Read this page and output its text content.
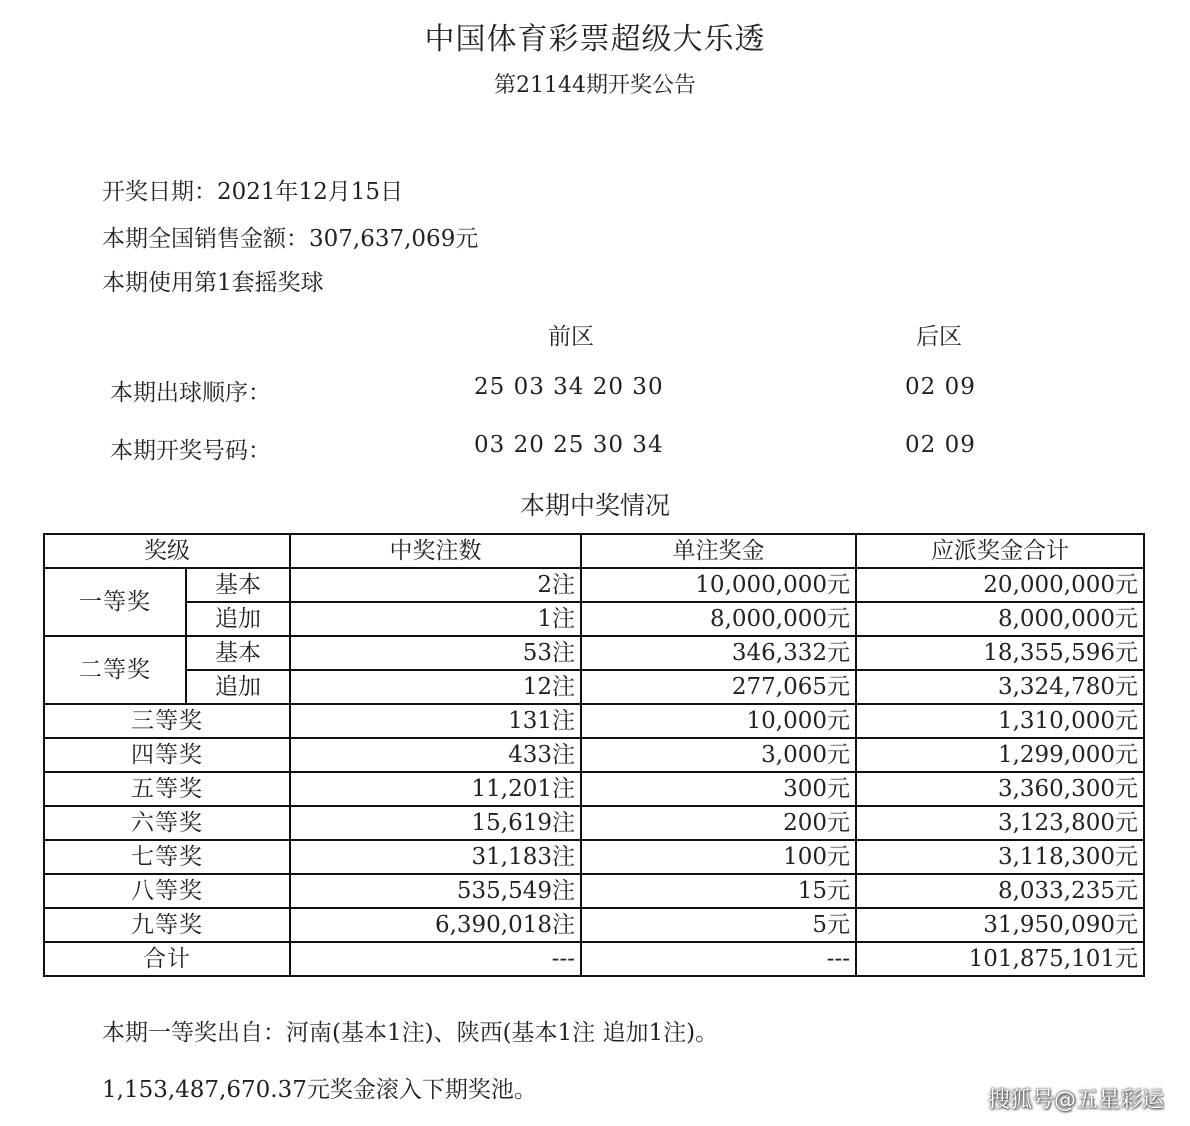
中国体育彩票超级大乐透
第21144期开奖公告
开奖日期：2021年12月15日
本期全国销售金额：307,637,069元
本期使用第1套摇奖球
前区	后区
本期出球顺序：	25 03 34 20 30	02 09
本期开奖号码：	03 20 25 30 34	02 09
本期中奖情况
奖级		中奖注数	单注奖金	应派奖金合计
一等奖	基本	2注	10,000,000元	20,000,000元
	追加	1注	8,000,000元	8,000,000元
二等奖	基本	53注	346,332元	18,355,596元
	追加	12注	277,065元	3,324,780元
三等奖		131注	10,000元	1,310,000元
四等奖		433注	3,000元	1,299,000元
五等奖		11,201注	300元	3,360,300元
六等奖		15,619注	200元	3,123,800元
七等奖		31,183注	100元	3,118,300元
八等奖		535,549注	15元	8,033,235元
九等奖		6,390,018注	5元	31,950,090元
合计		---	---	101,875,101元
本期一等奖出自：河南(基本1注)、陕西(基本1注 追加1注)。
1,153,487,670.37元奖金滚入下期奖池。	搜狐号@五星彩运
